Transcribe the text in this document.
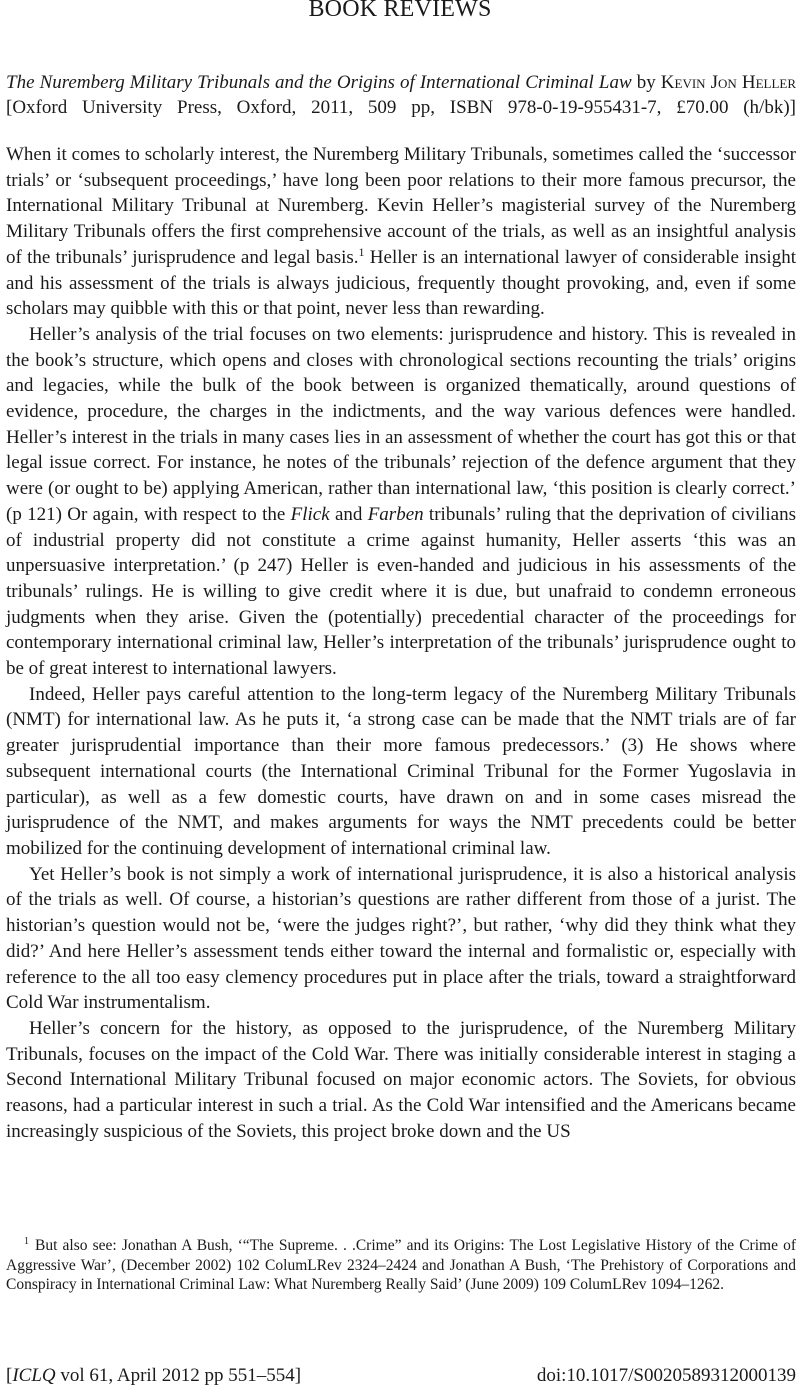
BOOK REVIEWS
The Nuremberg Military Tribunals and the Origins of International Criminal Law by Kevin Jon Heller [Oxford University Press, Oxford, 2011, 509 pp, ISBN 978-0-19-955431-7, £70.00 (h/bk)]

When it comes to scholarly interest, the Nuremberg Military Tribunals, sometimes called the ‘successor trials’ or ‘subsequent proceedings,’ have long been poor relations to their more famous precursor, the International Military Tribunal at Nuremberg. Kevin Heller’s magisterial survey of the Nuremberg Military Tribunals offers the first comprehensive account of the trials, as well as an insightful analysis of the tribunals’ jurisprudence and legal basis.$^1$ Heller is an international lawyer of considerable insight and his assessment of the trials is always judicious, frequently thought provoking, and, even if some scholars may quibble with this or that point, never less than rewarding.

Heller’s analysis of the trial focuses on two elements: jurisprudence and history. This is revealed in the book’s structure, which opens and closes with chronological sections recounting the trials’ origins and legacies, while the bulk of the book between is organized thematically, around questions of evidence, procedure, the charges in the indictments, and the way various defences were handled. Heller’s interest in the trials in many cases lies in an assessment of whether the court has got this or that legal issue correct. For instance, he notes of the tribunals’ rejection of the defence argument that they were (or ought to be) applying American, rather than international law, ‘this position is clearly correct.’ (p 121) Or again, with respect to the Flick and Farben tribunals’ ruling that the deprivation of civilians of industrial property did not constitute a crime against humanity, Heller asserts ‘this was an unpersuasive interpretation.’ (p 247) Heller is even-handed and judicious in his assessments of the tribunals’ rulings. He is willing to give credit where it is due, but unafraid to condemn erroneous judgments when they arise. Given the (potentially) precedential character of the proceedings for contemporary international criminal law, Heller’s interpretation of the tribunals’ jurisprudence ought to be of great interest to international lawyers.

Indeed, Heller pays careful attention to the long-term legacy of the Nuremberg Military Tribunals (NMT) for international law. As he puts it, ‘a strong case can be made that the NMT trials are of far greater jurisprudential importance than their more famous predecessors.’ (3) He shows where subsequent international courts (the International Criminal Tribunal for the Former Yugoslavia in particular), as well as a few domestic courts, have drawn on and in some cases misread the jurisprudence of the NMT, and makes arguments for ways the NMT precedents could be better mobilized for the continuing development of international criminal law.

Yet Heller’s book is not simply a work of international jurisprudence, it is also a historical analysis of the trials as well. Of course, a historian’s questions are rather different from those of a jurist. The historian’s question would not be, ‘were the judges right?’, but rather, ‘why did they think what they did?’ And here Heller’s assessment tends either toward the internal and formalistic or, especially with reference to the all too easy clemency procedures put in place after the trials, toward a straightforward Cold War instrumentalism.

Heller’s concern for the history, as opposed to the jurisprudence, of the Nuremberg Military Tribunals, focuses on the impact of the Cold War. There was initially considerable interest in staging a Second International Military Tribunal focused on major economic actors. The Soviets, for obvious reasons, had a particular interest in such a trial. As the Cold War intensified and the Americans became increasingly suspicious of the Soviets, this project broke down and the US

$^1$ But also see: Jonathan A Bush, ‘“The Supreme. . .Crime” and its Origins: The Lost Legislative History of the Crime of Aggressive War’, (December 2002) 102 ColumLRev 2324–2424 and Jonathan A Bush, ‘The Prehistory of Corporations and Conspiracy in International Criminal Law: What Nuremberg Really Said’ (June 2009) 109 ColumLRev 1094–1262.
[ICLQ vol 61, April 2012 pp 551–554]	doi:10.1017/S0020589312000139
